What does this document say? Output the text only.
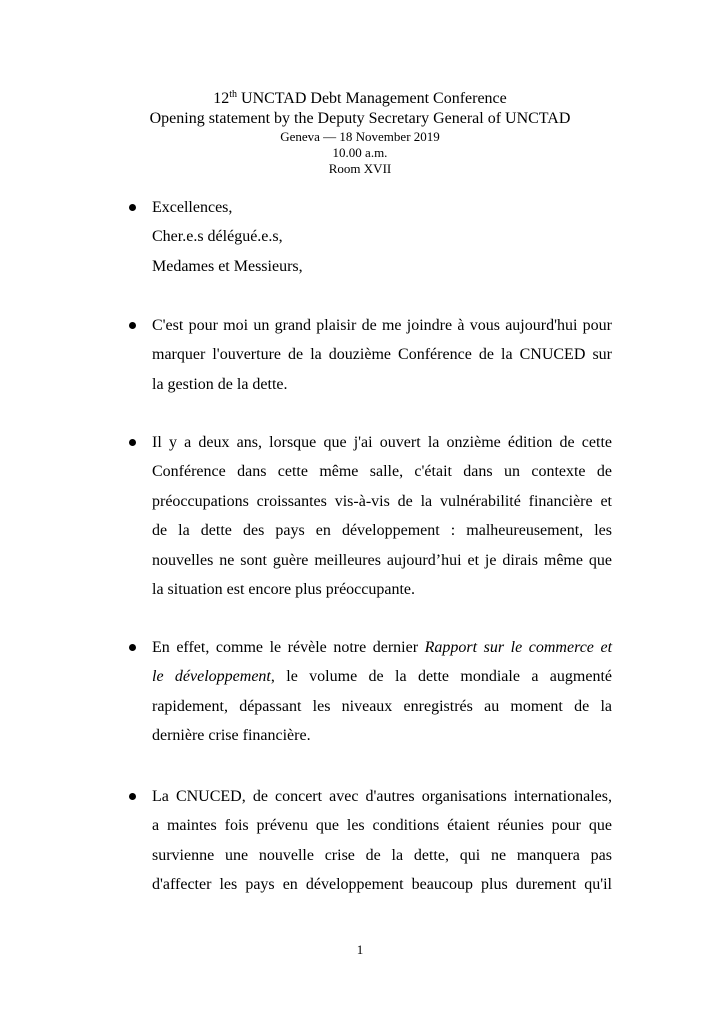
12th UNCTAD Debt Management Conference
Opening statement by the Deputy Secretary General of UNCTAD
Geneva — 18 November 2019
10.00 a.m.
Room XVII
Excellences,
Cher.e.s délégué.e.s,
Medames et Messieurs,
C'est pour moi un grand plaisir de me joindre à vous aujourd'hui pour
marquer l'ouverture de la douzième Conférence de la CNUCED sur
la gestion de la dette.
Il y a deux ans, lorsque que j'ai ouvert la onzième édition de cette
Conférence dans cette même salle, c'était dans un contexte de
préoccupations croissantes vis-à-vis de la vulnérabilité financière et
de la dette des pays en développement : malheureusement, les
nouvelles ne sont guère meilleures aujourd’hui et je dirais même que
la situation est encore plus préoccupante.
En effet, comme le révèle notre dernier Rapport sur le commerce et
le développement, le volume de la dette mondiale a augmenté
rapidement, dépassant les niveaux enregistrés au moment de la
dernière crise financière.
La CNUCED, de concert avec d'autres organisations internationales,
a maintes fois prévenu que les conditions étaient réunies pour que
survienne une nouvelle crise de la dette, qui ne manquera pas
d'affecter les pays en développement beaucoup plus durement qu'il
1
